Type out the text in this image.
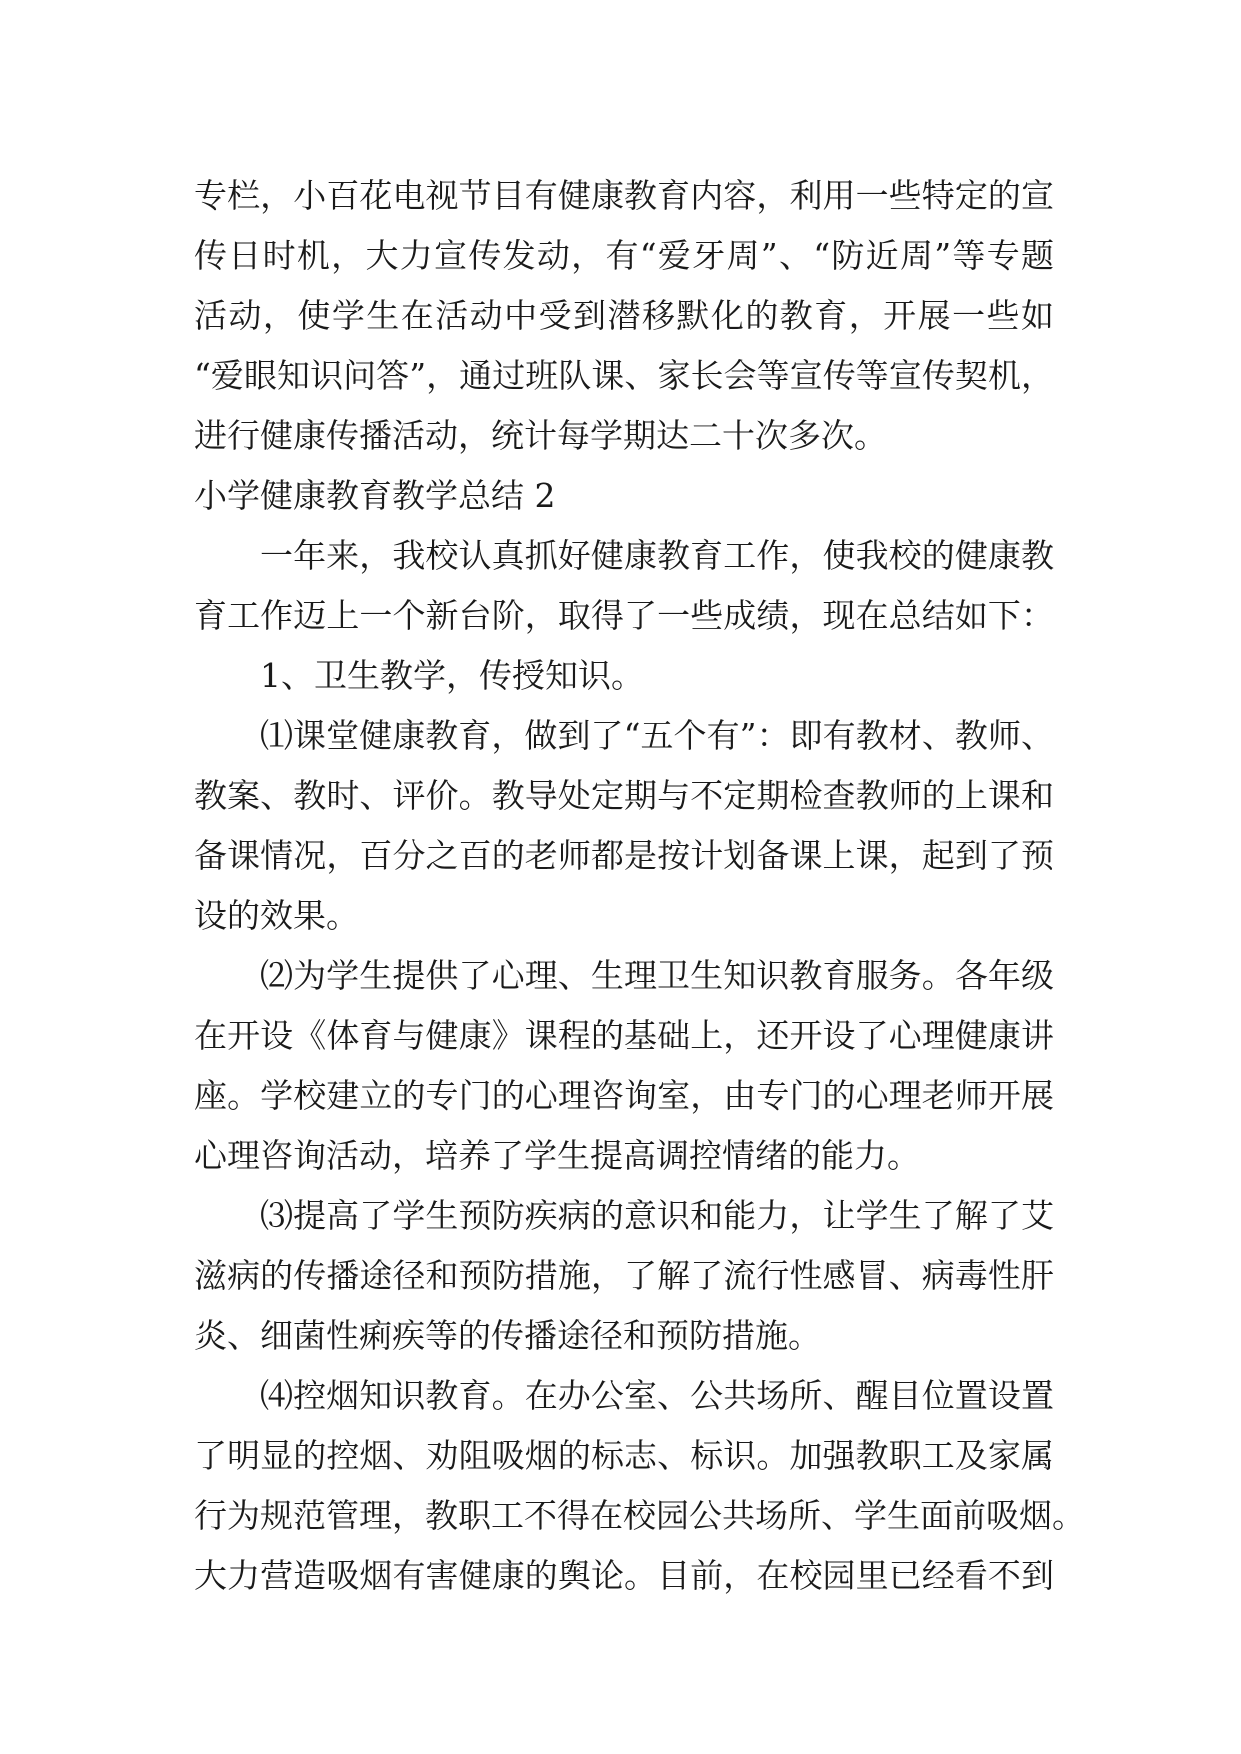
专栏，小百花电视节目有健康教育内容，利用一些特定的宣
传日时机，大力宣传发动，有“爱牙周”、“防近周”等专题
活动，使学生在活动中受到潜移默化的教育，开展一些如
“爱眼知识问答”，通过班队课、家长会等宣传等宣传契机，
进行健康传播活动，统计每学期达二十次多次。
小学健康教育教学总结 2
一年来，我校认真抓好健康教育工作，使我校的健康教
育工作迈上一个新台阶，取得了一些成绩，现在总结如下：
1、卫生教学，传授知识。
⑴课堂健康教育，做到了“五个有”：即有教材、教师、
教案、教时、评价。教导处定期与不定期检查教师的上课和
备课情况，百分之百的老师都是按计划备课上课，起到了预
设的效果。
⑵为学生提供了心理、生理卫生知识教育服务。各年级
在开设《体育与健康》课程的基础上，还开设了心理健康讲
座。学校建立的专门的心理咨询室，由专门的心理老师开展
心理咨询活动，培养了学生提高调控情绪的能力。
⑶提高了学生预防疾病的意识和能力，让学生了解了艾
滋病的传播途径和预防措施，了解了流行性感冒、病毒性肝
炎、细菌性痢疾等的传播途径和预防措施。
⑷控烟知识教育。在办公室、公共场所、醒目位置设置
了明显的控烟、劝阻吸烟的标志、标识。加强教职工及家属
行为规范管理，教职工不得在校园公共场所、学生面前吸烟。
大力营造吸烟有害健康的舆论。目前，在校园里已经看不到
